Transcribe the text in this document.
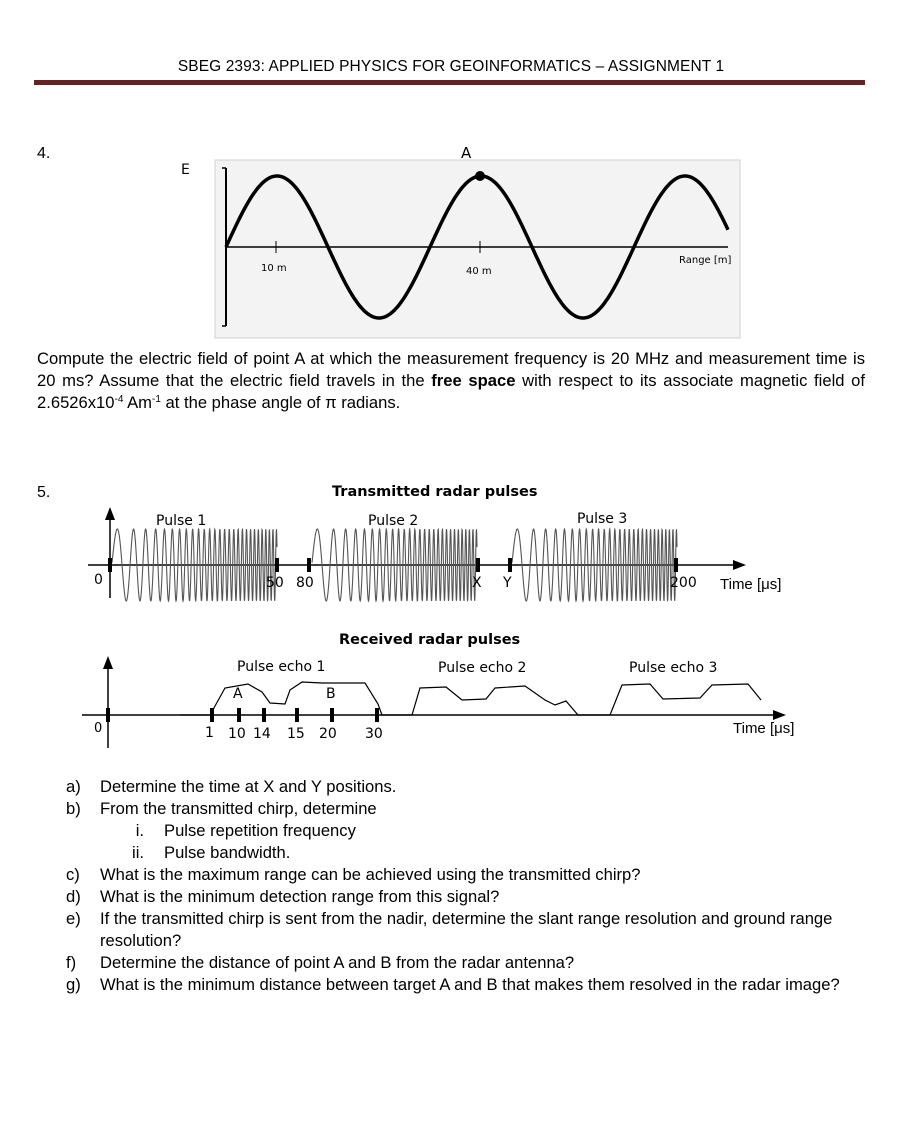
SBEG 2393: APPLIED PHYSICS FOR GEOINFORMATICS – ASSIGNMENT 1
4.
E
A
10 m	40 m
Range [m]
Compute the electric field of point A at which the measurement frequency is 20 MHz and measurement time is 20 ms? Assume that the electric field travels in the free space with respect to its associate magnetic field of $2.6526x10^{-4}$ $Am^{-1}$ at the phase angle of π radians.
5.	Transmitted radar pulses
Pulse 1	Pulse 2	Pulse 3
0	50 80	X Y	200 Time [μs]
Received radar pulses
Pulse echo 1	Pulse echo 2	Pulse echo 3
A	B
0	1 10 14 15 20 30	Time [μs]
a) Determine the time at X and Y positions.
b) From the transmitted chirp, determine
i. Pulse repetition frequency
ii. Pulse bandwidth.
c) What is the maximum range can be achieved using the transmitted chirp?
d) What is the minimum detection range from this signal?
e) If the transmitted chirp is sent from the nadir, determine the slant range resolution and ground range resolution?
f) Determine the distance of point A and B from the radar antenna?
g) What is the minimum distance between target A and B that makes them resolved in the radar image?
